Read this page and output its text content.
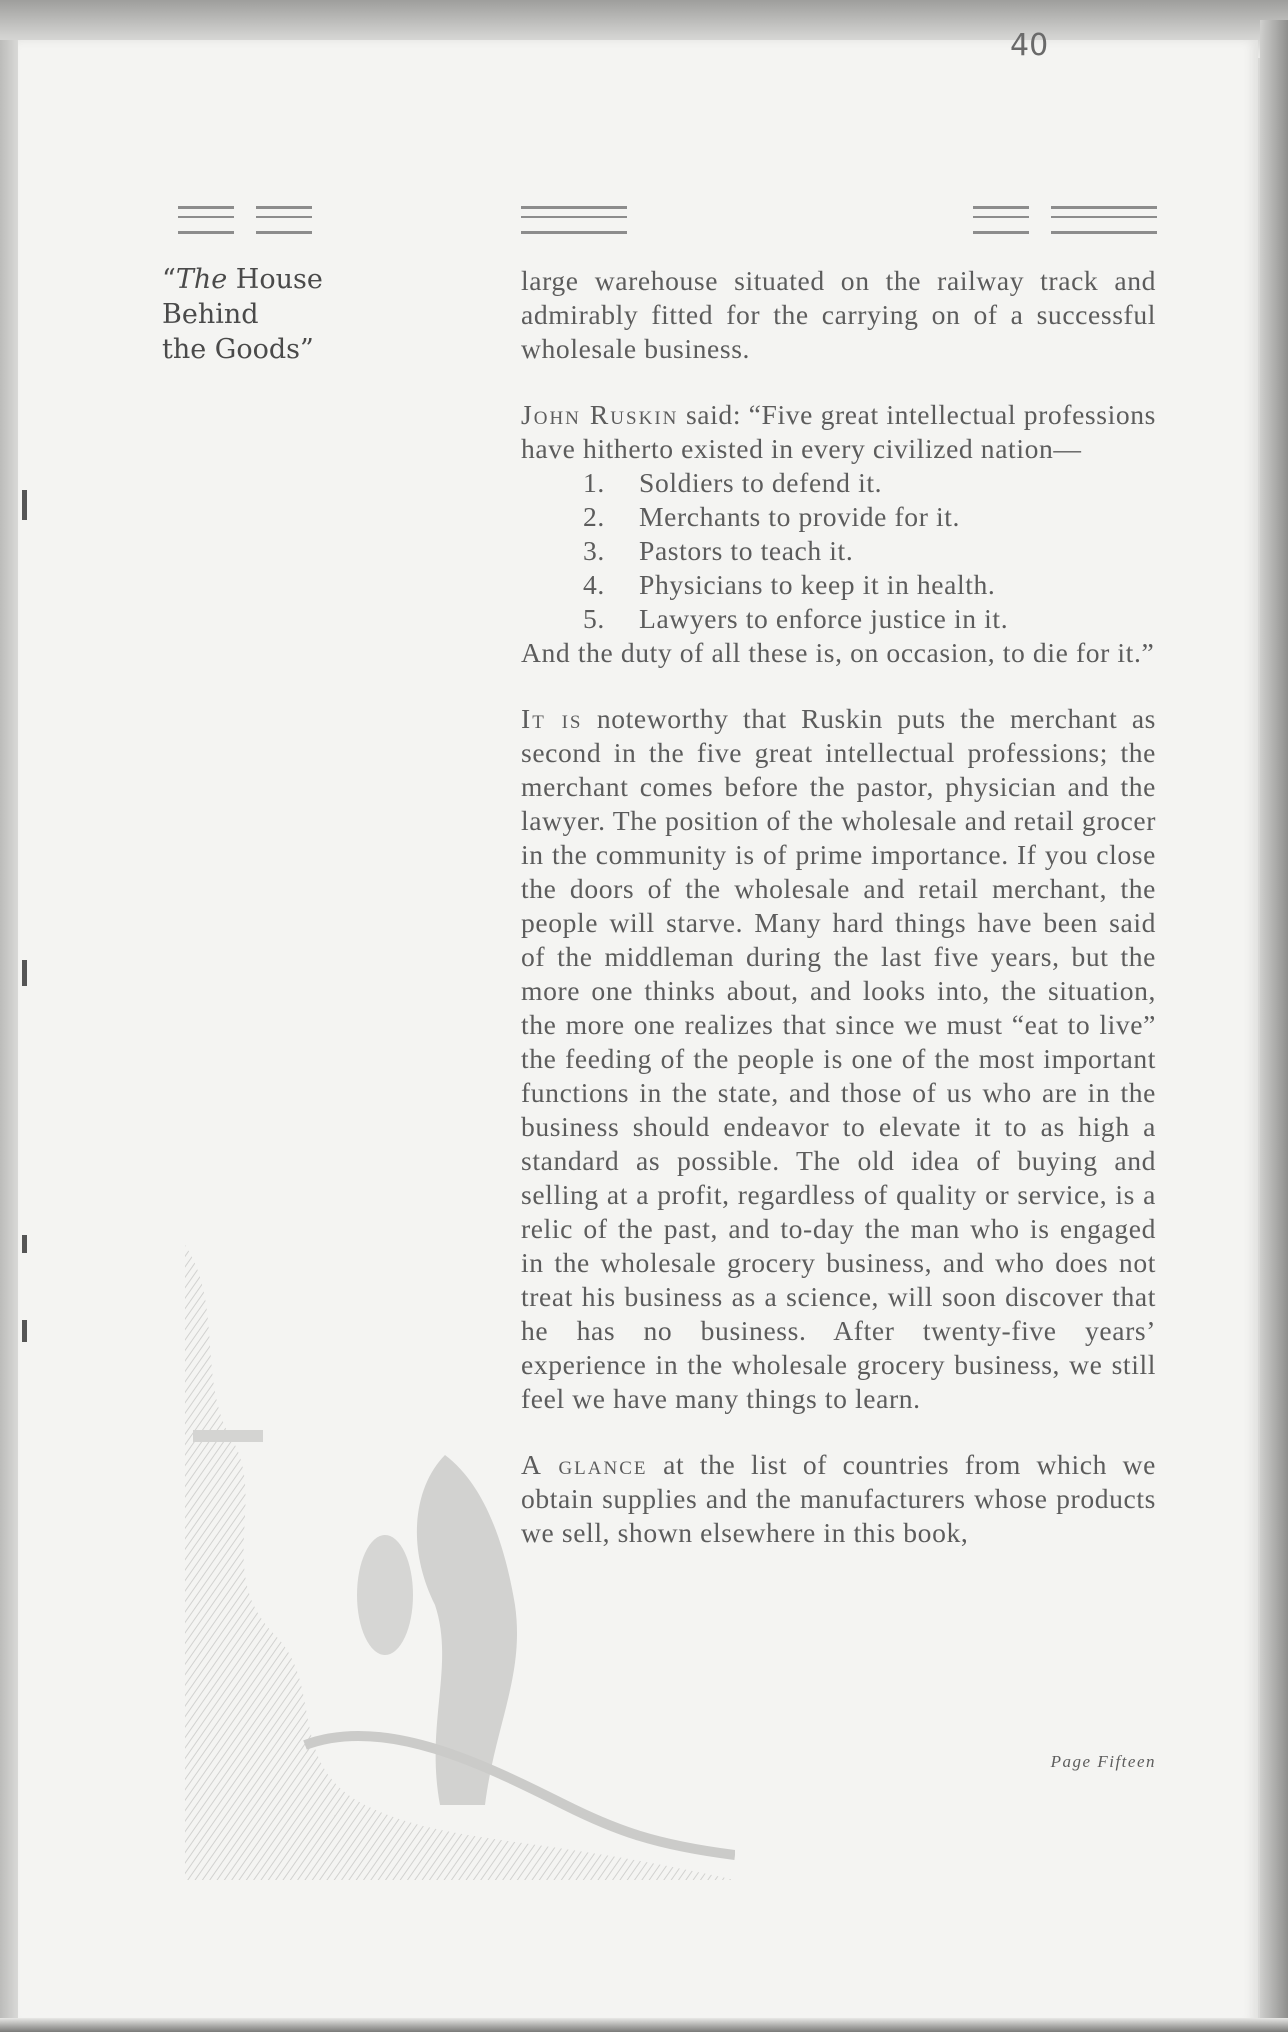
40
“The House
Behind
the Goods”

large warehouse situated on the railway track and admirably fitted for the carrying on of a successful wholesale business.

John Ruskin said: “Five great intellectual professions have hitherto existed in every civilized nation—

1.	Soldiers to defend it.
2.	Merchants to provide for it.
3.	Pastors to teach it.
4.	Physicians to keep it in health.
5.	Lawyers to enforce justice in it.

And the duty of all these is, on occasion, to die for it.”

It is noteworthy that Ruskin puts the merchant as second in the five great intellectual professions; the merchant comes before the pastor, physician and the lawyer. The position of the wholesale and retail grocer in the community is of prime importance. If you close the doors of the wholesale and retail merchant, the people will starve. Many hard things have been said of the middleman during the last five years, but the more one thinks about, and looks into, the situation, the more one realizes that since we must “eat to live” the feeding of the people is one of the most important functions in the state, and those of us who are in the business should endeavor to elevate it to as high a standard as possible. The old idea of buying and selling at a profit, regardless of quality or service, is a relic of the past, and to-day the man who is engaged in the wholesale grocery business, and who does not treat his business as a science, will soon discover that he has no business. After twenty-five years’ experience in the wholesale grocery business, we still feel we have many things to learn.

A glance at the list of countries from which we obtain supplies and the manufacturers whose products we sell, shown elsewhere in this book,

Page Fifteen
